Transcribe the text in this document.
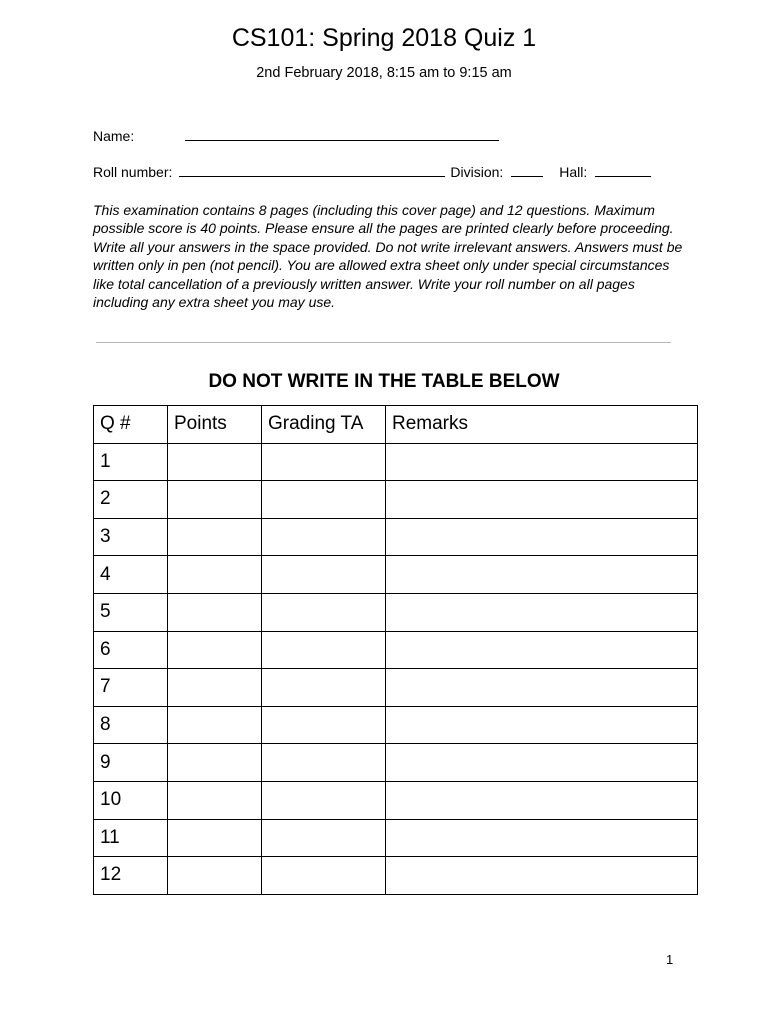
CS101: Spring 2018 Quiz 1
2nd February 2018, 8:15 am to 9:15 am
Name:
Roll number:	Division:	Hall:

This examination contains 8 pages (including this cover page) and 12 questions. Maximum possible score is 40 points. Please ensure all the pages are printed clearly before proceeding.

Write all your answers in the space provided. Do not write irrelevant answers. Answers must be written only in pen (not pencil). You are allowed extra sheet only under special circumstances like total cancellation of a previously written answer. Write your roll number on all pages including any extra sheet you may use.

DO NOT WRITE IN THE TABLE BELOW
Q #	Points	Grading TA	Remarks
1			
2			
3			
4			
5			
6			
7			
8			
9			
10			
11			
12			
1
